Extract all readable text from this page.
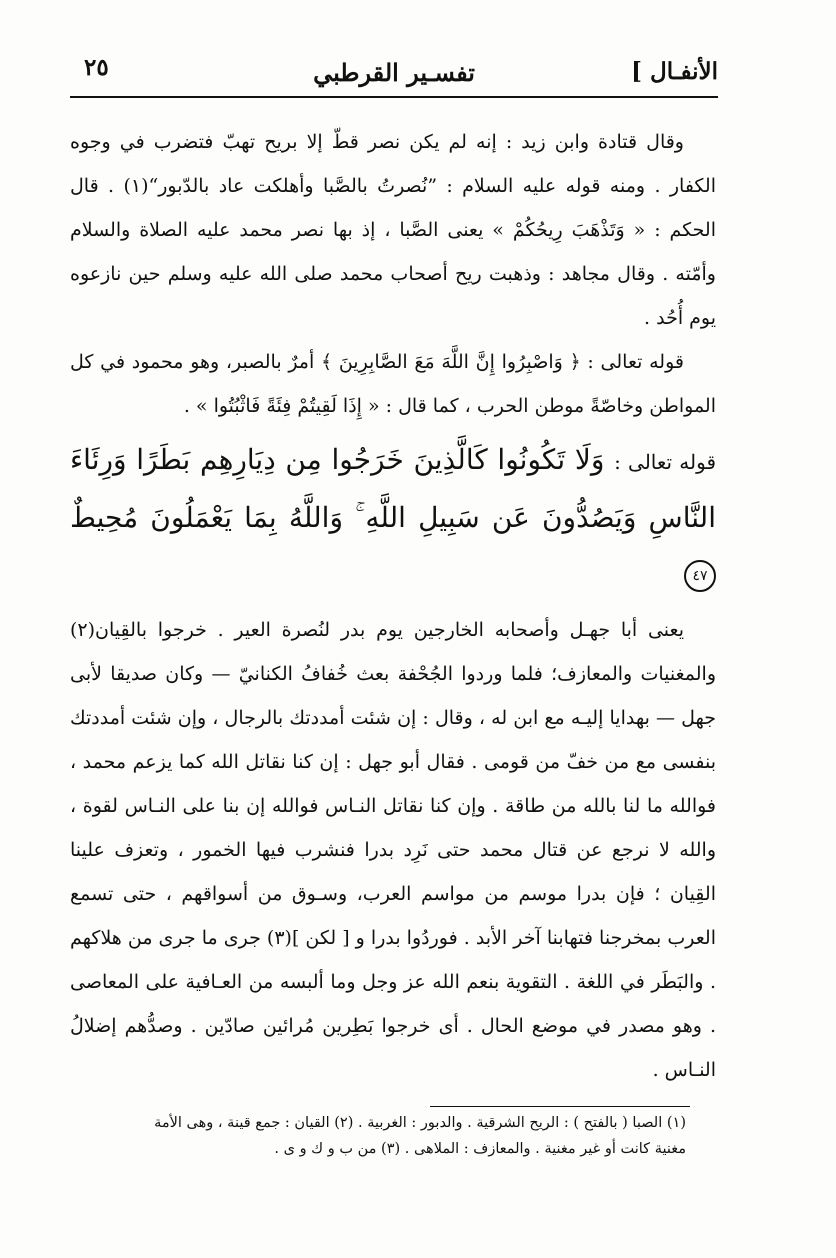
الأنفـال ]
تفسـير القرطبي
٢٥

وقال قتادة وابن زيد : إنه لم يكن نصر قطّ إلا بريح تهبّ فتضرب في وجوه الكفار . ومنه قوله عليه السلام : ”نُصرتُ بالصَّبا وأهلكت عاد بالدّبور“(١) . قال الحكم : « وَتَذْهَبَ رِيحُكُمْ » يعنى الصَّبا ، إذ بها نصر محمد عليه الصلاة والسلام وأمّته . وقال مجاهد : وذهبت ريح أصحاب محمد صلى الله عليه وسلم حين نازعوه يوم أُحُد .

قوله تعالى : ﴿ وَاصْبِرُوا إِنَّ اللَّهَ مَعَ الصَّابِرِينَ ﴾ أمرٌ بالصبر، وهو محمود في كل المواطن وخاصّةً موطن الحرب ، كما قال : « إِذَا لَقِيتُمْ فِئَةً فَاثْبُتُوا » .

قوله تعالى : وَلَا تَكُونُوا كَالَّذِينَ خَرَجُوا مِن دِيَارِهِم بَطَرًا وَرِئَاءَ النَّاسِ وَيَصُدُّونَ عَن سَبِيلِ اللَّهِ ۚ وَاللَّهُ بِمَا يَعْمَلُونَ مُحِيطٌ ٤٧

يعنى أبا جهـل وأصحابه الخارجين يوم بدر لنُصرة العير . خرجوا بالقِيان(٢) والمغنيات والمعازف؛ فلما وردوا الجُحْفة بعث خُفافُ الكنانيّ — وكان صديقا لأبى جهل — بهدايا إليـه مع ابن له ، وقال : إن شئت أمددتك بالرجال ، وإن شئت أمددتك بنفسى مع من خفّ من قومى . فقال أبو جهل : إن كنا نقاتل الله كما يزعم محمد ، فوالله ما لنا بالله من طاقة . وإن كنا نقاتل النـاس فوالله إن بنا على النـاس لقوة ، والله لا نرجع عن قتال محمد حتى نَرِد بدرا فنشرب فيها الخمور ، وتعزف علينا القِيان ؛ فإن بدرا موسم من مواسم العرب، وسـوق من أسواقهم ، حتى تسمع العرب بمخرجنا فتهابنا آخر الأبد . فوردُوا بدرا و [ لكن ](٣) جرى ما جرى من هلاكهم . والبَطَر في اللغة . التقوية بنعم الله عز وجل وما ألبسه من العـافية على المعاصى . وهو مصدر في موضع الحال . أى خرجوا بَطِرين مُرائين صادّين . وصدُّهم إضلالُ النـاس .

(١) الصبا ( بالفتح ) : الريح الشرقية . والدبور : الغربية . (٢) القيان : جمع قينة ، وهى الأمة
مغنية كانت أو غير مغنية . والمعازف : الملاهى . (٣) من ب و ك و ى .
